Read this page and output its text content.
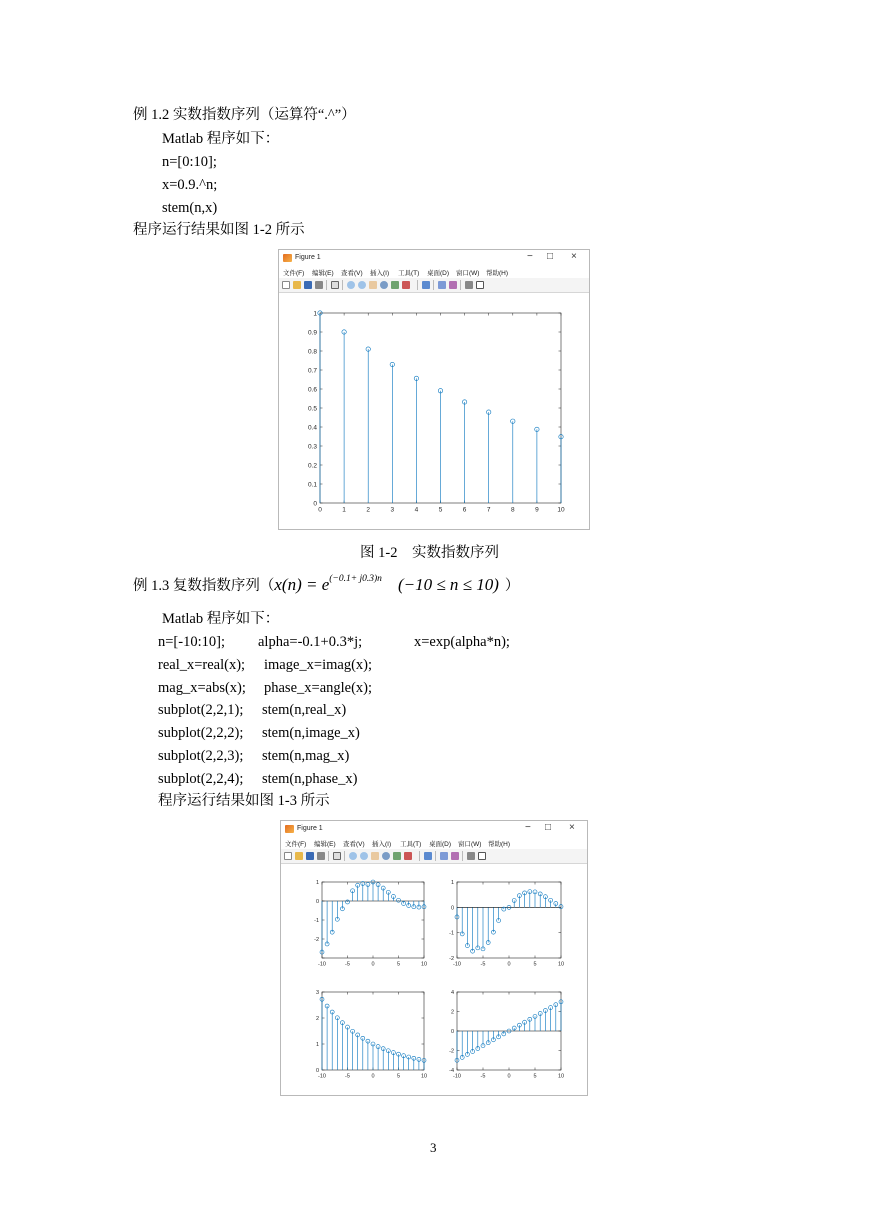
例 1.2 实数指数序列（运算符“.^”）
Matlab 程序如下：
n=[0:10];
x=0.9.^n;
stem(n,x)
程序运行结果如图 1-2 所示
Figure 1	− □ ×
文件(F) 编辑(E) 查看(V) 插入(I) 工具(T) 桌面(D) 窗口(W) 帮助(H)
0	1	2	3	4	5	6	7	8	9	10
0
0.1
0.2
0.3
0.4
0.5
0.6
0.7
0.8
0.9
1
图 1-2    实数指数序列
例 1.3 复数指数序列（$x(n) = e^{(-0.1+ j0.3)n}$ (−10 ≤ n ≤ 10) ）
Matlab 程序如下：
n=[-10:10]; alpha=-0.1+0.3*j;	x=exp(alpha*n);
real_x=real(x); image_x=imag(x);
mag_x=abs(x); phase_x=angle(x);
subplot(2,2,1); stem(n,real_x)
subplot(2,2,2); stem(n,image_x)
subplot(2,2,3); stem(n,mag_x)
subplot(2,2,4); stem(n,phase_x)
程序运行结果如图 1-3 所示
Figure 1	− □ ×
文件(F) 编辑(E) 查看(V) 插入(I) 工具(T) 桌面(D) 窗口(W) 帮助(H)
-10	-5	0	5	10
-2
-1
0
1
-10	-5	0	5	10
-2
-1
0
1
-10	-5	0	5	10
0
1
2
3
-10	-5	0	5	10
-4
-2
0
2
4
3
